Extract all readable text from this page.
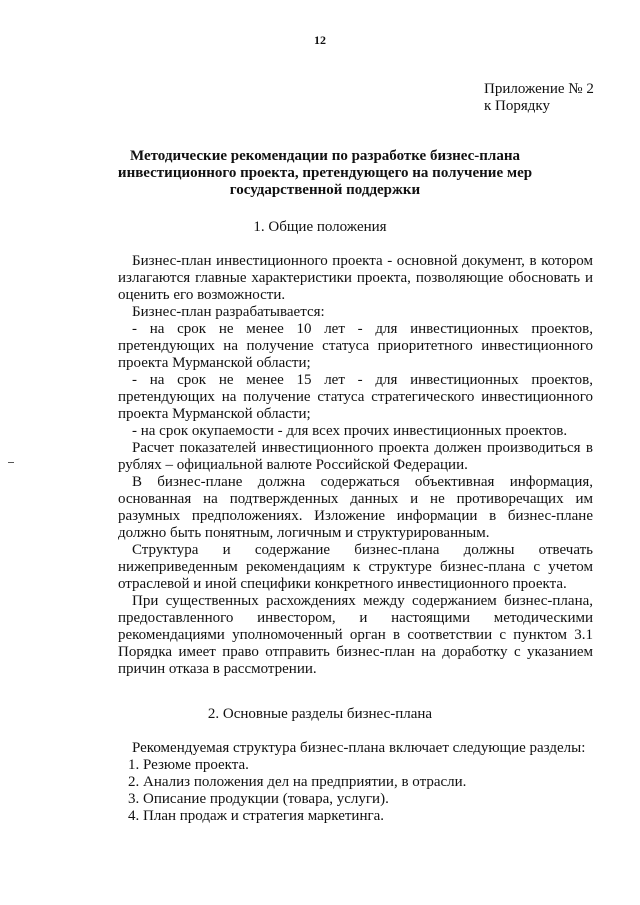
12
Приложение № 2
к Порядку
Методические рекомендации по разработке бизнес-плана
инвестиционного проекта, претендующего на получение мер
государственной поддержки
1. Общие положения

Бизнес-план инвестиционного проекта - основной документ, в котором излагаются главные характеристики проекта, позволяющие обосновать и оценить его возможности.

Бизнес-план разрабатывается:

- на срок не менее 10 лет - для инвестиционных проектов, претендующих на получение статуса приоритетного инвестиционного проекта Мурманской области;

- на срок не менее 15 лет - для инвестиционных проектов, претендующих на получение статуса стратегического инвестиционного проекта Мурманской области;

- на срок окупаемости - для всех прочих инвестиционных проектов.

Расчет показателей инвестиционного проекта должен производиться в рублях – официальной валюте Российской Федерации.

В бизнес-плане должна содержаться объективная информация, основанная на подтвержденных данных и не противоречащих им разумных предположениях. Изложение информации в бизнес-плане должно быть понятным, логичным и структурированным.

Структура и содержание бизнес-плана должны отвечать нижеприведенным рекомендациям к структуре бизнес-плана с учетом отраслевой и иной специфики конкретного инвестиционного проекта.

При существенных расхождениях между содержанием бизнес-плана, предоставленного инвестором, и настоящими методическими рекомендациями уполномоченный орган в соответствии с пунктом 3.1 Порядка имеет право отправить бизнес-план на доработку с указанием причин отказа в рассмотрении.

2. Основные разделы бизнес-плана

Рекомендуемая структура бизнес-плана включает следующие разделы:

1. Резюме проекта.

2. Анализ положения дел на предприятии, в отрасли.

3. Описание продукции (товара, услуги).

4. План продаж и стратегия маркетинга.
